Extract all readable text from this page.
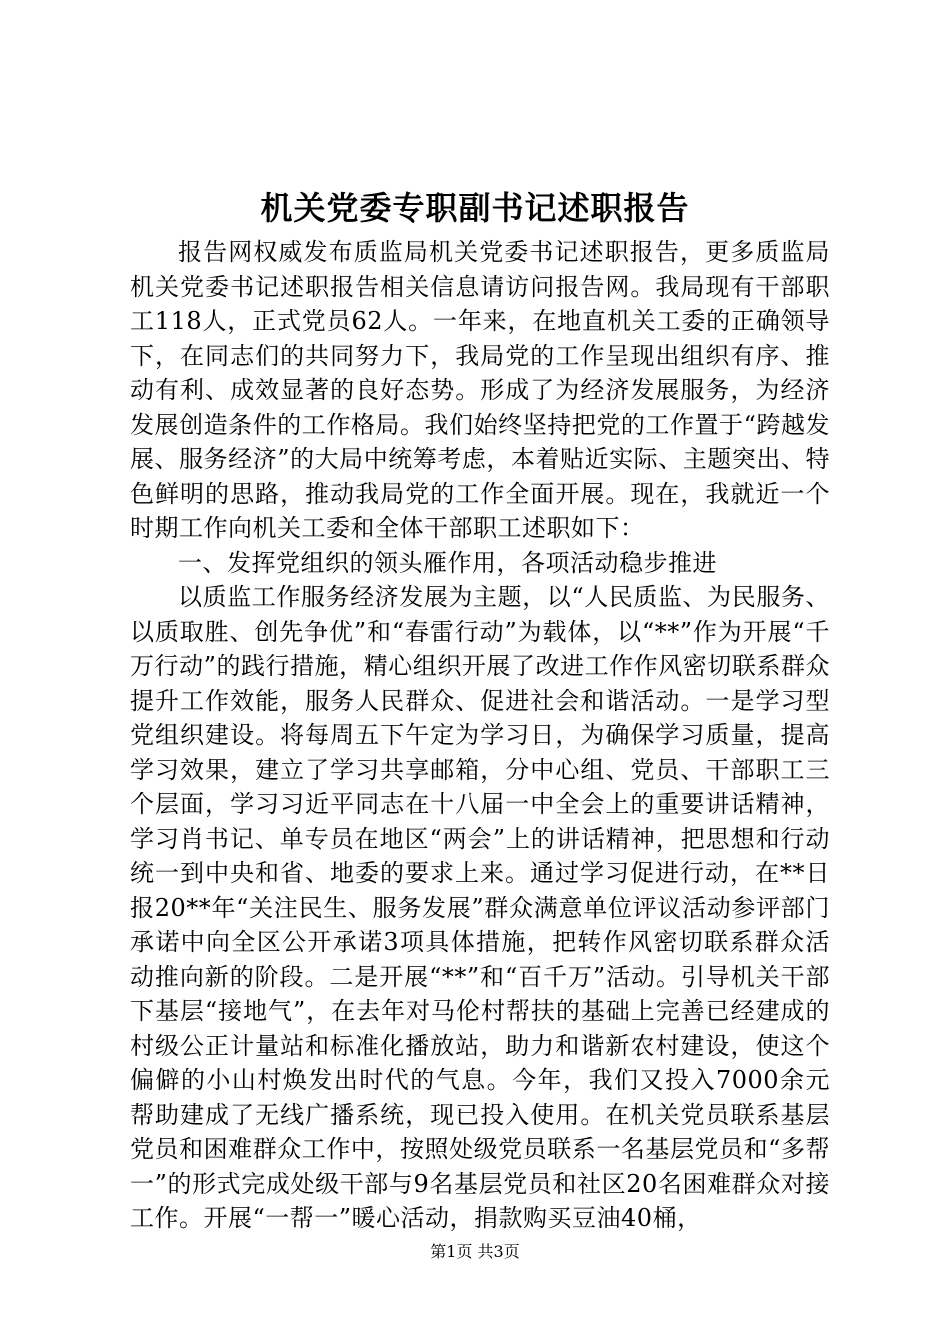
机关党委专职副书记述职报告

报告网权威发布质监局机关党委书记述职报告，更多质监局机关党委书记述职报告相关信息请访问报告网。我局现有干部职工118人，正式党员62人。一年来，在地直机关工委的正确领导下，在同志们的共同努力下，我局党的工作呈现出组织有序、推动有利、成效显著的良好态势。形成了为经济发展服务，为经济发展创造条件的工作格局。我们始终坚持把党的工作置于“跨越发展、服务经济”的大局中统筹考虑，本着贴近实际、主题突出、特色鲜明的思路，推动我局党的工作全面开展。现在，我就近一个时期工作向机关工委和全体干部职工述职如下：

一、发挥党组织的领头雁作用，各项活动稳步推进

以质监工作服务经济发展为主题，以“人民质监、为民服务、以质取胜、创先争优”和“春雷行动”为载体，以“**”作为开展“千万行动”的践行措施，精心组织开展了改进工作作风密切联系群众提升工作效能，服务人民群众、促进社会和谐活动。一是学习型党组织建设。将每周五下午定为学习日，为确保学习质量，提高学习效果，建立了学习共享邮箱，分中心组、党员、干部职工三个层面，学习习近平同志在十八届一中全会上的重要讲话精神，学习肖书记、单专员在地区“两会”上的讲话精神，把思想和行动统一到中央和省、地委的要求上来。通过学习促进行动，在**日报20**年“关注民生、服务发展”群众满意单位评议活动参评部门承诺中向全区公开承诺3项具体措施，把转作风密切联系群众活动推向新的阶段。二是开展“**”和“百千万”活动。引导机关干部下基层“接地气”，在去年对马伦村帮扶的基础上完善已经建成的村级公正计量站和标准化播放站，助力和谐新农村建设，使这个偏僻的小山村焕发出时代的气息。今年，我们又投入7000余元帮助建成了无线广播系统，现已投入使用。在机关党员联系基层党员和困难群众工作中，按照处级党员联系一名基层党员和“多帮一”的形式完成处级干部与9名基层党员和社区20名困难群众对接工作。开展“一帮一”暖心活动，捐款购买豆油40桶，

第1页 共3页
